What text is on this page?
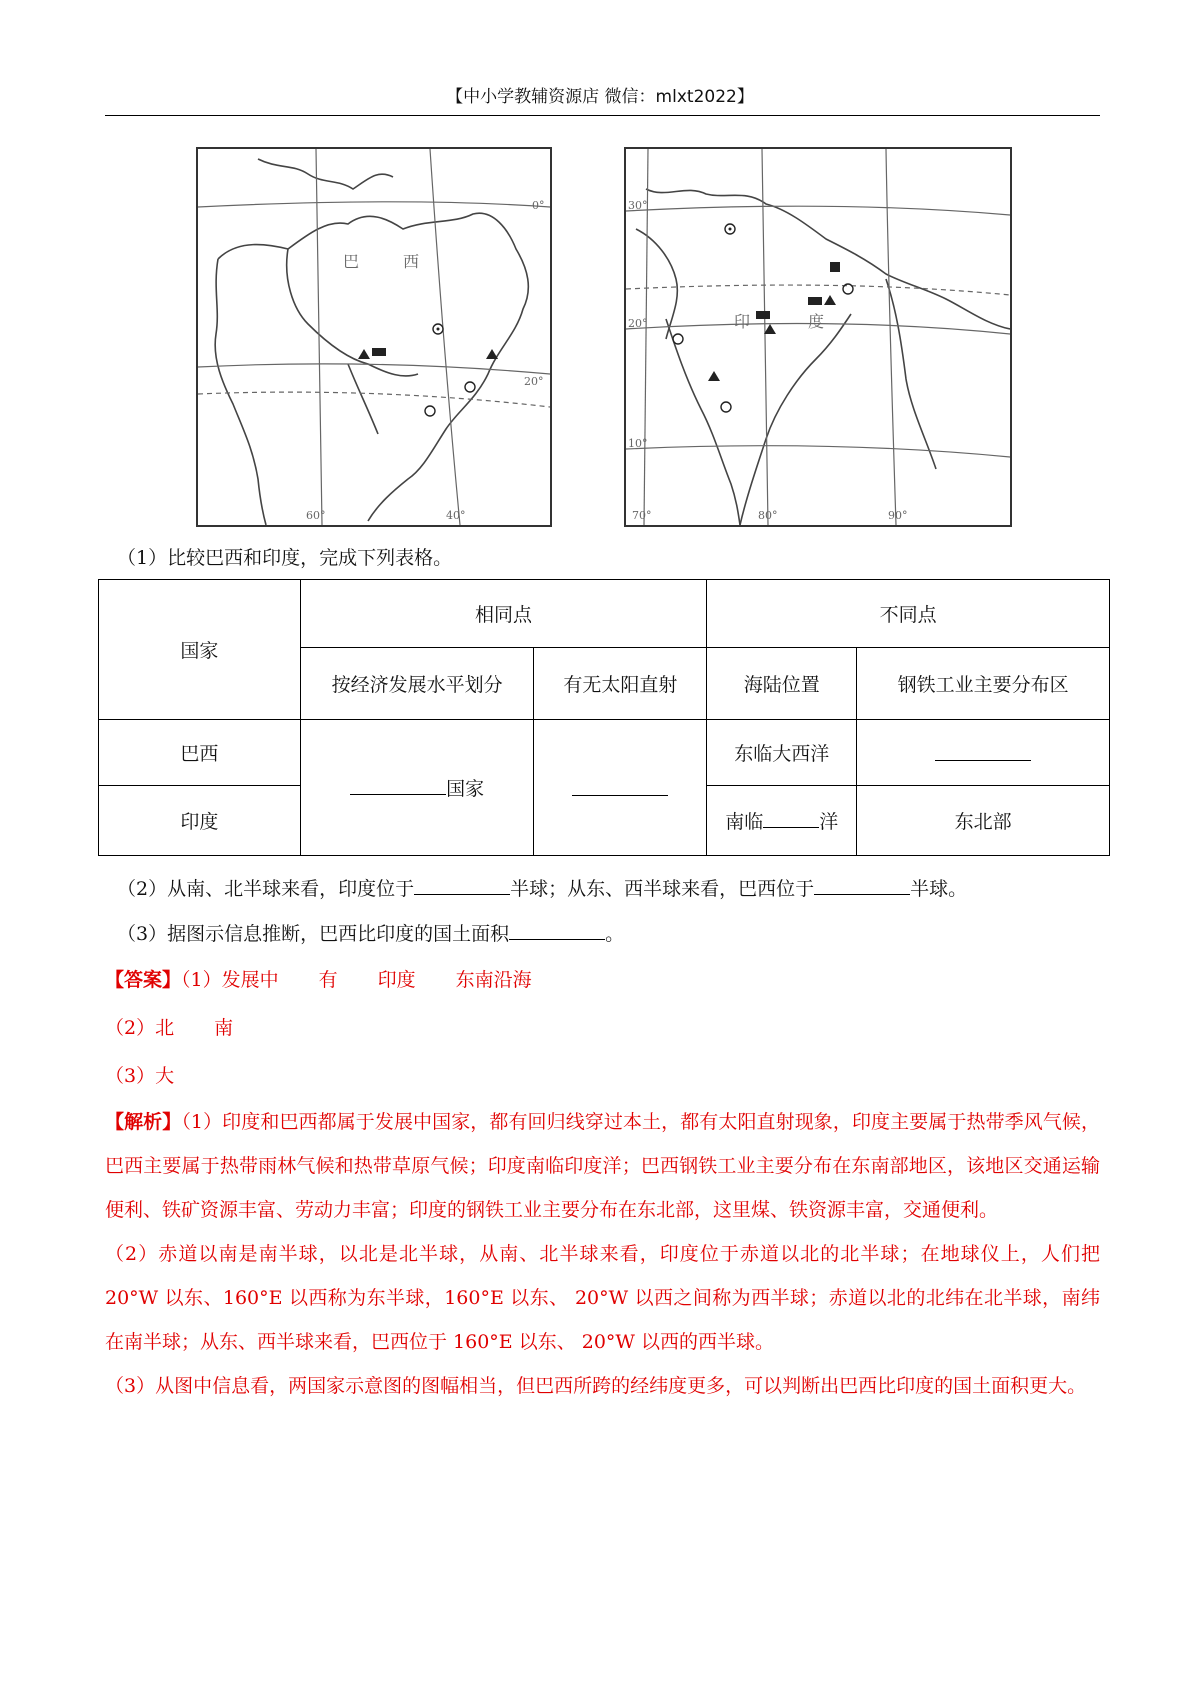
【中小学教辅资源店 微信：mlxt2022】
巴	西
0°
20°
60°	40°
印	度
30°
20°
10°
70°	80°	90°
（1）比较巴西和印度，完成下列表格。
国家	相同点		不同点	
	按经济发展水平划分	有无太阳直射	海陆位置	钢铁工业主要分布区
巴西	国家		东临大西洋	
印度			南临 洋	东北部
（2）从南、北半球来看，印度位于	半球；从东、西半球来看，巴西位于	半球。
（3）据图示信息推断，巴西比印度的国土面积	。
【答案】（1）发展中 有 印度 东南沿海
（2）北 南
（3）大

【解析】（1）印度和巴西都属于发展中国家，都有回归线穿过本土，都有太阳直射现象，印度主要属于热带季风气候，巴西主要属于热带雨林气候和热带草原气候；印度南临印度洋；巴西钢铁工业主要分布在东南部地区，该地区交通运输便利、铁矿资源丰富、劳动力丰富；印度的钢铁工业主要分布在东北部，这里煤、铁资源丰富，交通便利。

（2）赤道以南是南半球，以北是北半球，从南、北半球来看，印度位于赤道以北的北半球；在地球仪上，人们把 20°W 以东、160°E 以西称为东半球，160°E 以东、 20°W 以西之间称为西半球；赤道以北的北纬在北半球，南纬在南半球；从东、西半球来看，巴西位于 160°E 以东、 20°W 以西的西半球。

（3）从图中信息看，两国家示意图的图幅相当，但巴西所跨的经纬度更多，可以判断出巴西比印度的国土面积更大。
